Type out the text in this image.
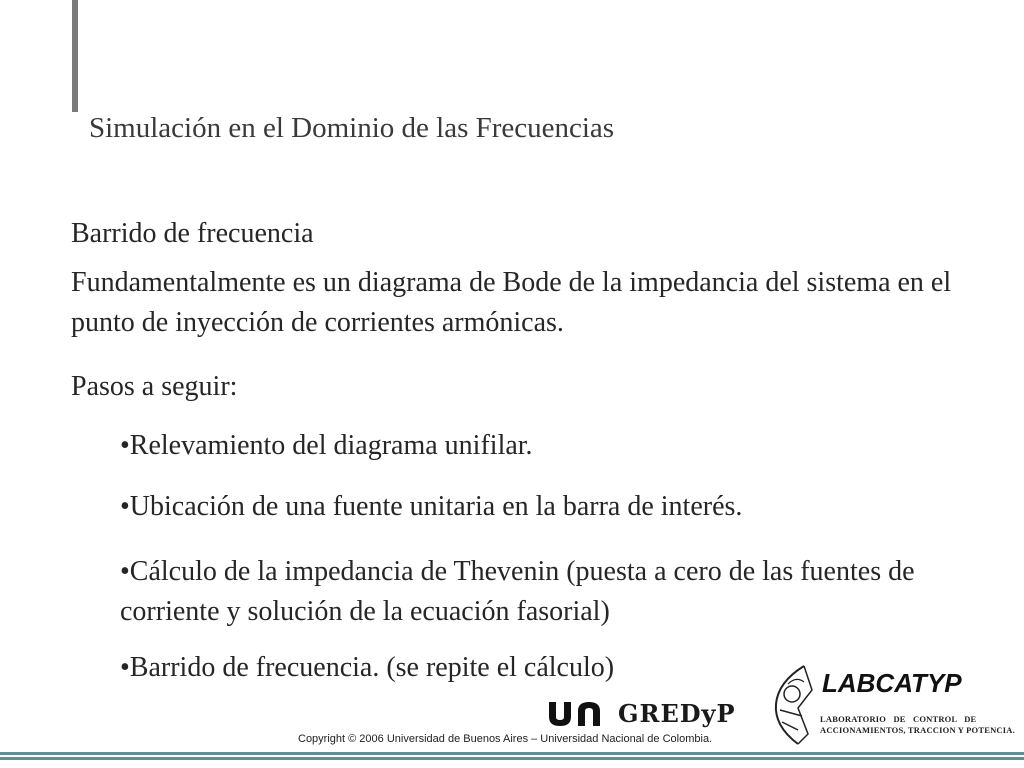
Simulación en el Dominio de las Frecuencias

Barrido de frecuencia

Fundamentalmente es un diagrama de Bode de la impedancia del sistema en el punto de inyección de corrientes armónicas.

Pasos a seguir:

•Relevamiento del diagrama unifilar.

•Ubicación de una fuente unitaria en la barra de interés.

•Cálculo de la impedancia de Thevenin (puesta a cero de las fuentes de corriente y solución de la ecuación fasorial)

•Barrido de frecuencia. (se repite el cálculo)

GREDyP
Copyright © 2006 Universidad de Buenos Aires – Universidad Nacional de Colombia.
LABCATYP
LABORATORIO DE CONTROL DE
ACCIONAMIENTOS, TRACCION Y POTENCIA.
